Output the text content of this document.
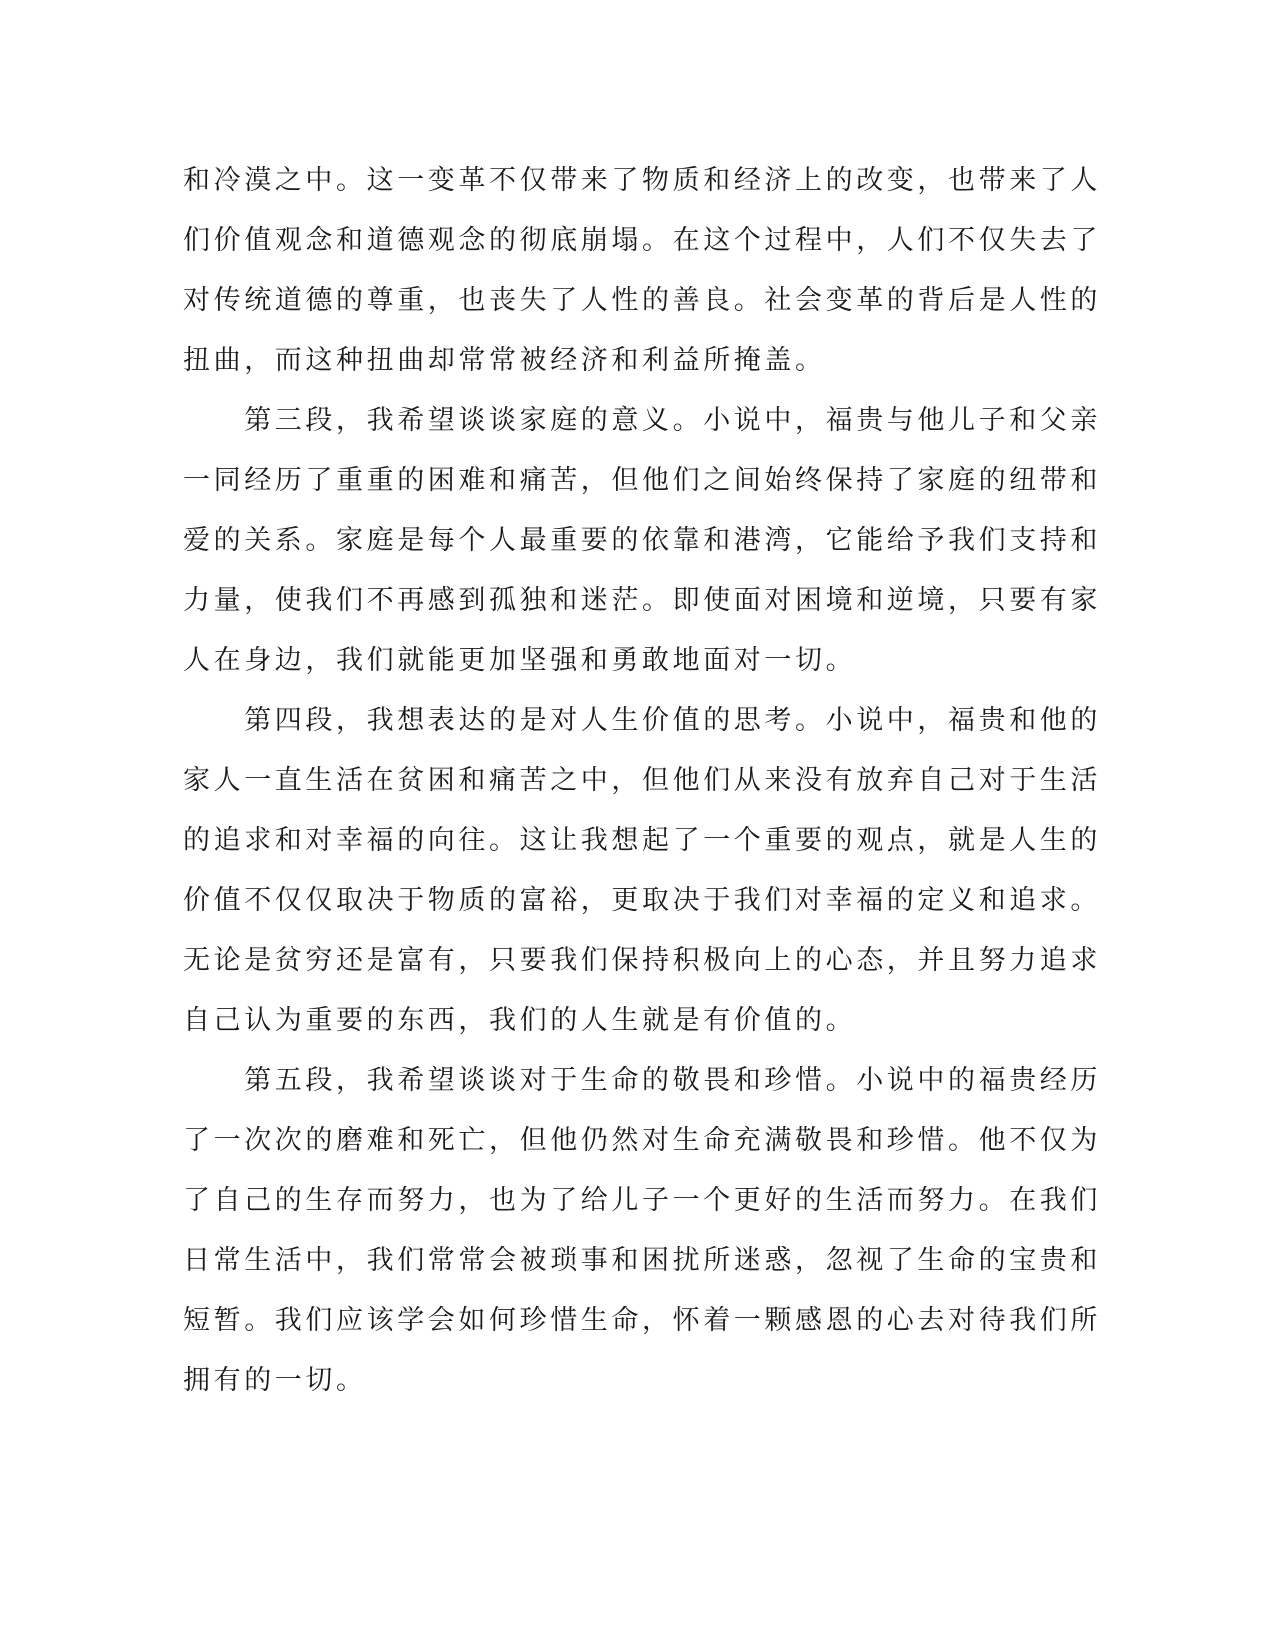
和冷漠之中。这一变革不仅带来了物质和经济上的改变，也带来了人
们价值观念和道德观念的彻底崩塌。在这个过程中，人们不仅失去了
对传统道德的尊重，也丧失了人性的善良。社会变革的背后是人性的
扭曲，而这种扭曲却常常被经济和利益所掩盖。
　　第三段，我希望谈谈家庭的意义。小说中，福贵与他儿子和父亲
一同经历了重重的困难和痛苦，但他们之间始终保持了家庭的纽带和
爱的关系。家庭是每个人最重要的依靠和港湾，它能给予我们支持和
力量，使我们不再感到孤独和迷茫。即使面对困境和逆境，只要有家
人在身边，我们就能更加坚强和勇敢地面对一切。
　　第四段，我想表达的是对人生价值的思考。小说中，福贵和他的
家人一直生活在贫困和痛苦之中，但他们从来没有放弃自己对于生活
的追求和对幸福的向往。这让我想起了一个重要的观点，就是人生的
价值不仅仅取决于物质的富裕，更取决于我们对幸福的定义和追求。
无论是贫穷还是富有，只要我们保持积极向上的心态，并且努力追求
自己认为重要的东西，我们的人生就是有价值的。
　　第五段，我希望谈谈对于生命的敬畏和珍惜。小说中的福贵经历
了一次次的磨难和死亡，但他仍然对生命充满敬畏和珍惜。他不仅为
了自己的生存而努力，也为了给儿子一个更好的生活而努力。在我们
日常生活中，我们常常会被琐事和困扰所迷惑，忽视了生命的宝贵和
短暂。我们应该学会如何珍惜生命，怀着一颗感恩的心去对待我们所
拥有的一切。
